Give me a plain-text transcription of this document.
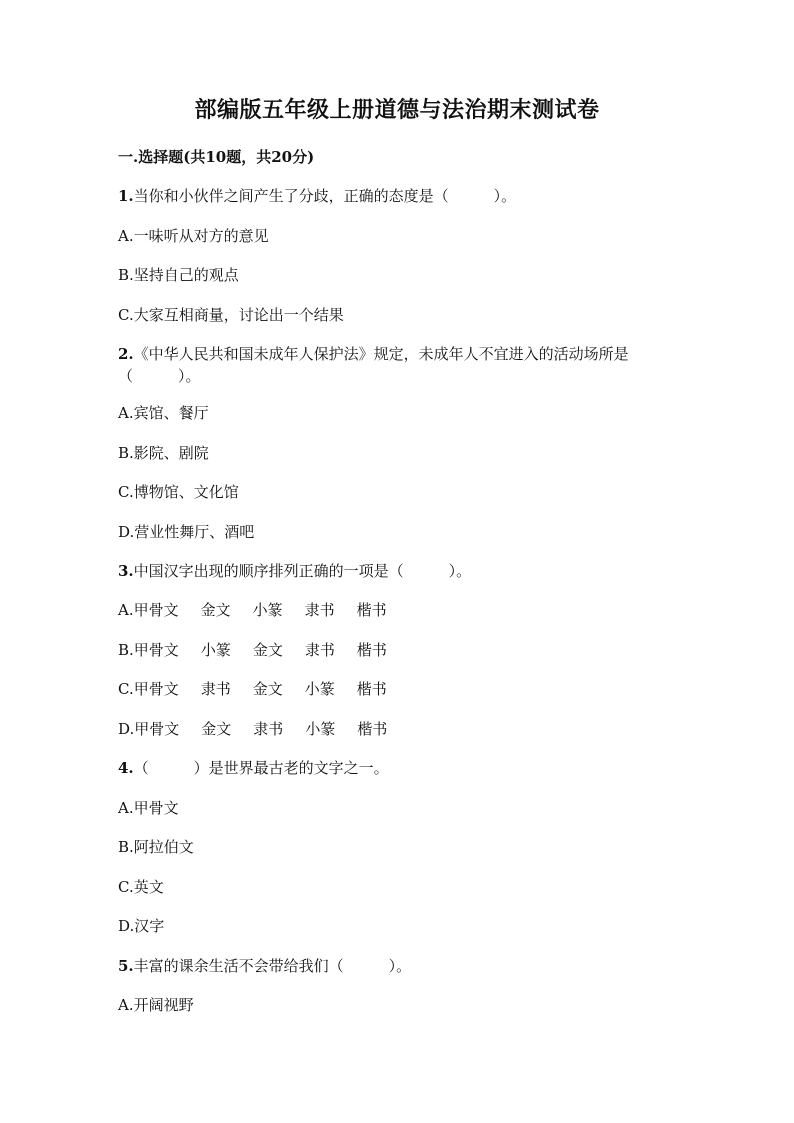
部编版五年级上册道德与法治期末测试卷
一.选择题(共10题，共20分)
1.当你和小伙伴之间产生了分歧，正确的态度是（　　　）。
A.一味听从对方的意见
B.坚持自己的观点
C.大家互相商量，讨论出一个结果
2.《中华人民共和国未成年人保护法》规定，未成年人不宜进入的活动场所是（　　　）。
A.宾馆、餐厅
B.影院、剧院
C.博物馆、文化馆
D.营业性舞厅、酒吧
3.中国汉字出现的顺序排列正确的一项是（　　　）。
A.甲骨文 金文 小篆 隶书 楷书
B.甲骨文 小篆 金文 隶书 楷书
C.甲骨文 隶书 金文 小篆 楷书
D.甲骨文 金文 隶书 小篆 楷书
4.（　　　）是世界最古老的文字之一。
A.甲骨文
B.阿拉伯文
C.英文
D.汉字
5.丰富的课余生活不会带给我们（　　　）。
A.开阔视野
